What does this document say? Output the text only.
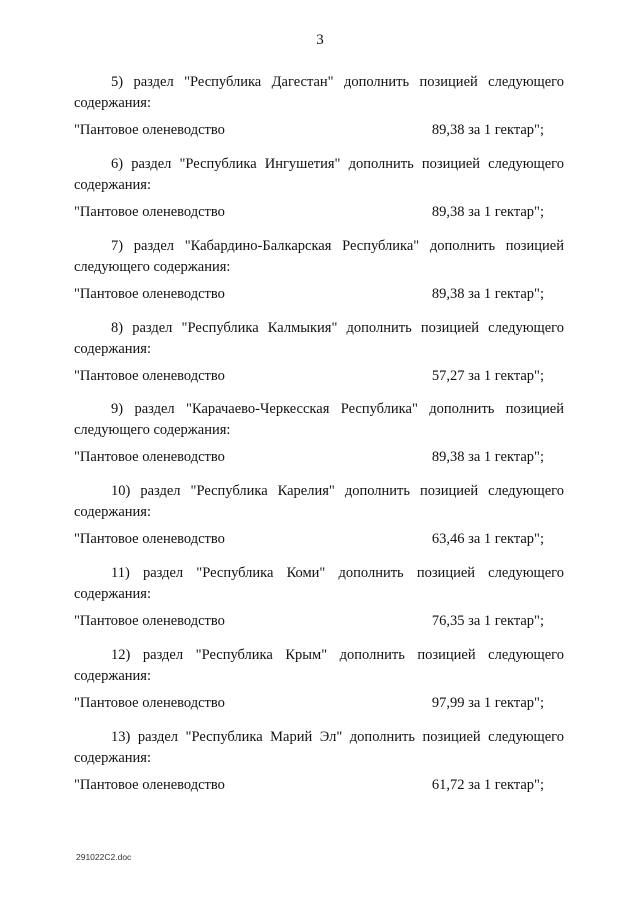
3

5) раздел "Республика Дагестан" дополнить позицией следующего
содержания:

"Пантовое оленеводство	89,38 за 1 гектар";

6) раздел "Республика Ингушетия" дополнить позицией следующего
содержания:

"Пантовое оленеводство	89,38 за 1 гектар";

7) раздел "Кабардино-Балкарская Республика" дополнить позицией
следующего содержания:

"Пантовое оленеводство	89,38 за 1 гектар";

8) раздел "Республика Калмыкия" дополнить позицией следующего
содержания:

"Пантовое оленеводство	57,27 за 1 гектар";

9) раздел "Карачаево-Черкесская Республика" дополнить позицией
следующего содержания:

"Пантовое оленеводство	89,38 за 1 гектар";

10) раздел "Республика Карелия" дополнить позицией следующего
содержания:

"Пантовое оленеводство	63,46 за 1 гектар";

11) раздел "Республика Коми" дополнить позицией следующего
содержания:

"Пантовое оленеводство	76,35 за 1 гектар";

12) раздел "Республика Крым" дополнить позицией следующего
содержания:

"Пантовое оленеводство	97,99 за 1 гектар";

13) раздел "Республика Марий Эл" дополнить позицией следующего
содержания:

"Пантовое оленеводство	61,72 за 1 гектар";
291022C2.doc
